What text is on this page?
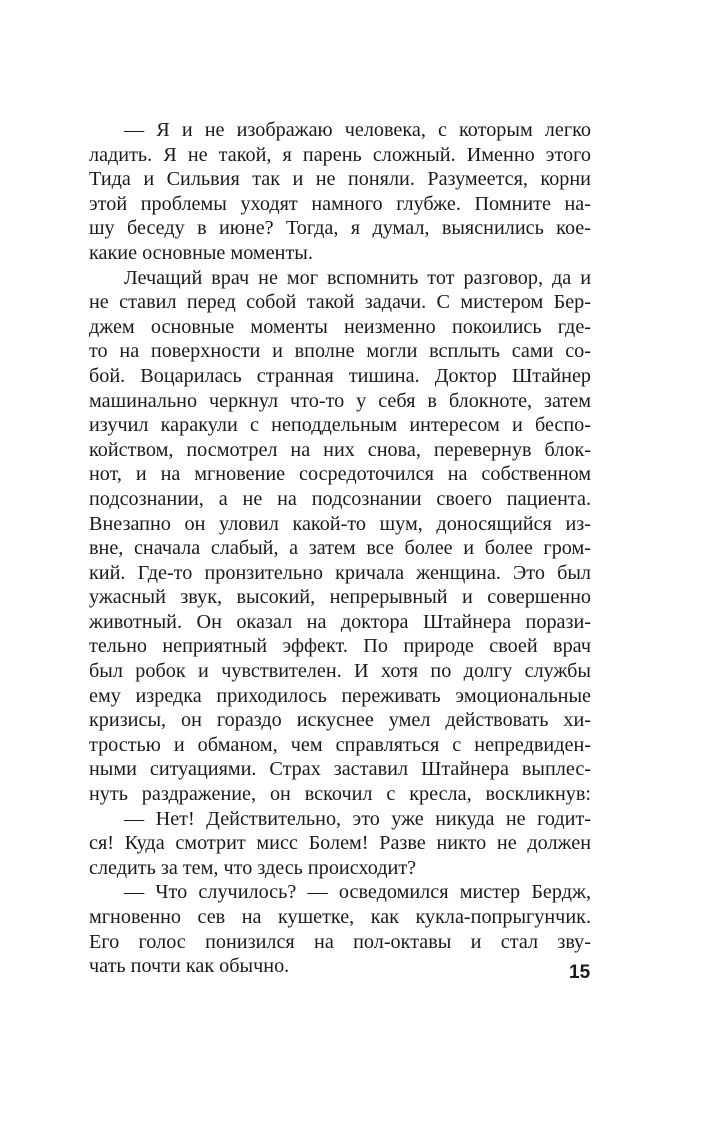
— Я и не изображаю человека, с которым легко
ладить. Я не такой, я парень сложный. Именно этого
Тида и Сильвия так и не поняли. Разумеется, корни
этой проблемы уходят намного глубже. Помните на-
шу беседу в июне? Тогда, я думал, выяснились кое-
какие основные моменты.
Лечащий врач не мог вспомнить тот разговор, да и
не ставил перед собой такой задачи. С мистером Бер-
джем основные моменты неизменно покоились где-
то на поверхности и вполне могли всплыть сами со-
бой. Воцарилась странная тишина. Доктор Штайнер
машинально черкнул что-то у себя в блокноте, затем
изучил каракули с неподдельным интересом и беспо-
койством, посмотрел на них снова, перевернув блок-
нот, и на мгновение сосредоточился на собственном
подсознании, а не на подсознании своего пациента.
Внезапно он уловил какой-то шум, доносящийся из-
вне, сначала слабый, а затем все более и более гром-
кий. Где-то пронзительно кричала женщина. Это был
ужасный звук, высокий, непрерывный и совершенно
животный. Он оказал на доктора Штайнера порази-
тельно неприятный эффект. По природе своей врач
был робок и чувствителен. И хотя по долгу службы
ему изредка приходилось переживать эмоциональные
кризисы, он гораздо искуснее умел действовать хи-
тростью и обманом, чем справляться с непредвиден-
ными ситуациями. Страх заставил Штайнера выплес-
нуть раздражение, он вскочил с кресла, воскликнув:
— Нет! Действительно, это уже никуда не годит-
ся! Куда смотрит мисс Болем! Разве никто не должен
следить за тем, что здесь происходит?
— Что случилось? — осведомился мистер Бердж,
мгновенно сев на кушетке, как кукла-попрыгунчик.
Его голос понизился на пол-октавы и стал зву-
чать почти как обычно.	15
